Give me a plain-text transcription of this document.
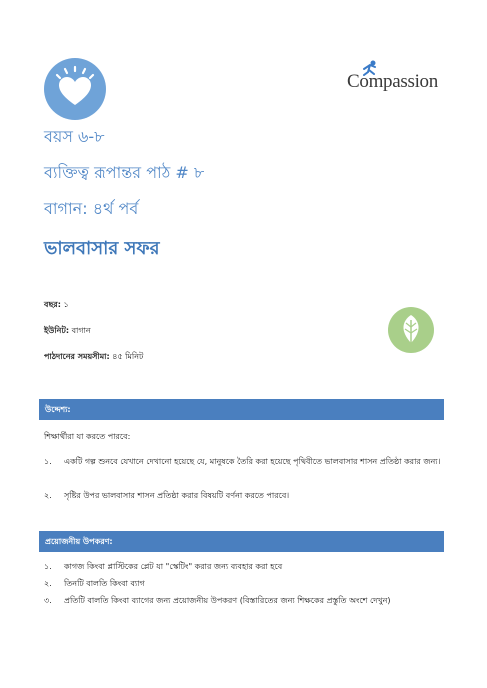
Compassion
বয়স ৬-৮
ব্যক্তিত্ব রূপান্তর পাঠ # ৮
বাগান: ৪র্থ পর্ব
ভালবাসার সফর
বছর: ১
ইউনিট: বাগান
পাঠদানের সময়সীমা: ৪৫ মিনিট
উদ্দেশ্য:
শিক্ষার্থীরা যা করতে পারবে:
১. একটি গল্প শুনবে যেখানে দেখানো হয়েছে যে, মানুষকে তৈরি করা হয়েছে পৃথিবীতে ভালবাসার শাসন প্রতিষ্ঠা করার জন্য।
২. সৃষ্টির উপর ভালবাসার শাসন প্রতিষ্ঠা করার বিষয়টি বর্ণনা করতে পারবে।
প্রয়োজনীয় উপকরণ:
১. কাগজ কিংবা প্লাস্টিকের প্লেট যা "স্কেটিং" করার জন্য ব্যবহার করা হবে
২. তিনটি বালতি কিংবা ব্যাগ
৩. প্রতিটি বালতি কিংবা ব্যাগের জন্য প্রয়োজনীয় উপকরণ (বিস্তারিতের জন্য শিক্ষকের প্রস্তুতি অংশে দেখুন)
